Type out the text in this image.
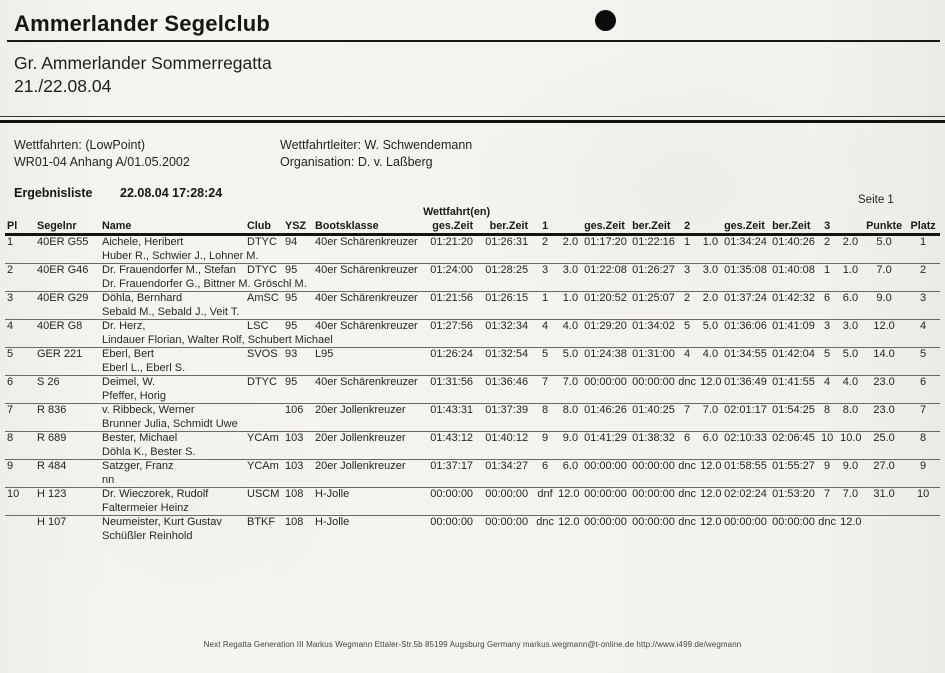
Ammerlander Segelclub
Gr. Ammerlander Sommerregatta
21./22.08.04
Wettfahrten: (LowPoint)
WR01-04 Anhang A/01.05.2002
Wettfahrtleiter: W. Schwendemann
Organisation: D. v. Laßberg
Ergebnisliste 22.08.04 17:28:24	Seite 1
						Wettfahrt(en)													
Pl	Segelnr	Name	Club	YSZ	Bootsklasse	ges.Zeit	ber.Zeit	1		ges.Zeit	ber.Zeit	2		ges.Zeit	ber.Zeit	3		Punkte	Platz
1	40ER G55	Aichele, Heribert	DTYC	94	40er Schärenkreuzer	01:21:20	01:26:31	2	2.0	01:17:20	01:22:16	1	1.0	01:34:24	01:40:26	2	2.0	5.0	1
		Huber R., Schwier J., Lohner M.																	
2	40ER G46	Dr. Frauendorfer M., Stefan	DTYC	95	40er Schärenkreuzer	01:24:00	01:28:25	3	3.0	01:22:08	01:26:27	3	3.0	01:35:08	01:40:08	1	1.0	7.0	2
		Dr. Frauendorfer G., Bittner M. Gröschl M.																	
3	40ER G29	Döhla, Bernhard	AmSC	95	40er Schärenkreuzer	01:21:56	01:26:15	1	1.0	01:20:52	01:25:07	2	2.0	01:37:24	01:42:32	6	6.0	9.0	3
		Sebald M., Sebald J., Veit T.																	
4	40ER G8	Dr. Herz,	LSC	95	40er Schärenkreuzer	01:27:56	01:32:34	4	4.0	01:29:20	01:34:02	5	5.0	01:36:06	01:41:09	3	3.0	12.0	4
		Lindauer Florian, Walter Rolf, Schubert Michael																	
5	GER 221	Eberl, Bert	SVOS	93	L95	01:26:24	01:32:54	5	5.0	01:24:38	01:31:00	4	4.0	01:34:55	01:42:04	5	5.0	14.0	5
		Eberl L., Eberl S.																	
6	S 26	Deimel, W.	DTYC	95	40er Schärenkreuzer	01:31:56	01:36:46	7	7.0	00:00:00	00:00:00	dnc	12.0	01:36:49	01:41:55	4	4.0	23.0	6
		Pfeffer, Horig																	
7	R 836	v. Ribbeck, Werner		106	20er Jollenkreuzer	01:43:31	01:37:39	8	8.0	01:46:26	01:40:25	7	7.0	02:01:17	01:54:25	8	8.0	23.0	7
		Brunner Julia, Schmidt Uwe																	
8	R 689	Bester, Michael	YCAm	103	20er Jollenkreuzer	01:43:12	01:40:12	9	9.0	01:41:29	01:38:32	6	6.0	02:10:33	02:06:45	10	10.0	25.0	8
		Döhla K., Bester S.																	
9	R 484	Satzger, Franz	YCAm	103	20er Jollenkreuzer	01:37:17	01:34:27	6	6.0	00:00:00	00:00:00	dnc	12.0	01:58:55	01:55:27	9	9.0	27.0	9
		nn																	
10	H 123	Dr. Wieczorek, Rudolf	USCM	108	H-Jolle	00:00:00	00:00:00	dnf	12.0	00:00:00	00:00:00	dnc	12.0	02:02:24	01:53:20	7	7.0	31.0	10
		Faltermeier Heinz																	
	H 107	Neumeister, Kurt Gustav	BTKF	108	H-Jolle	00:00:00	00:00:00	dnc	12.0	00:00:00	00:00:00	dnc	12.0	00:00:00	00:00:00	dnc	12.0		
		Schüßler Reinhold																	
Next Regatta Generation III Markus Wegmann Ettaler-Str.5b 85199 Augsburg Germany markus.wegmann@t-online.de http://www.i499.de/wegmann
